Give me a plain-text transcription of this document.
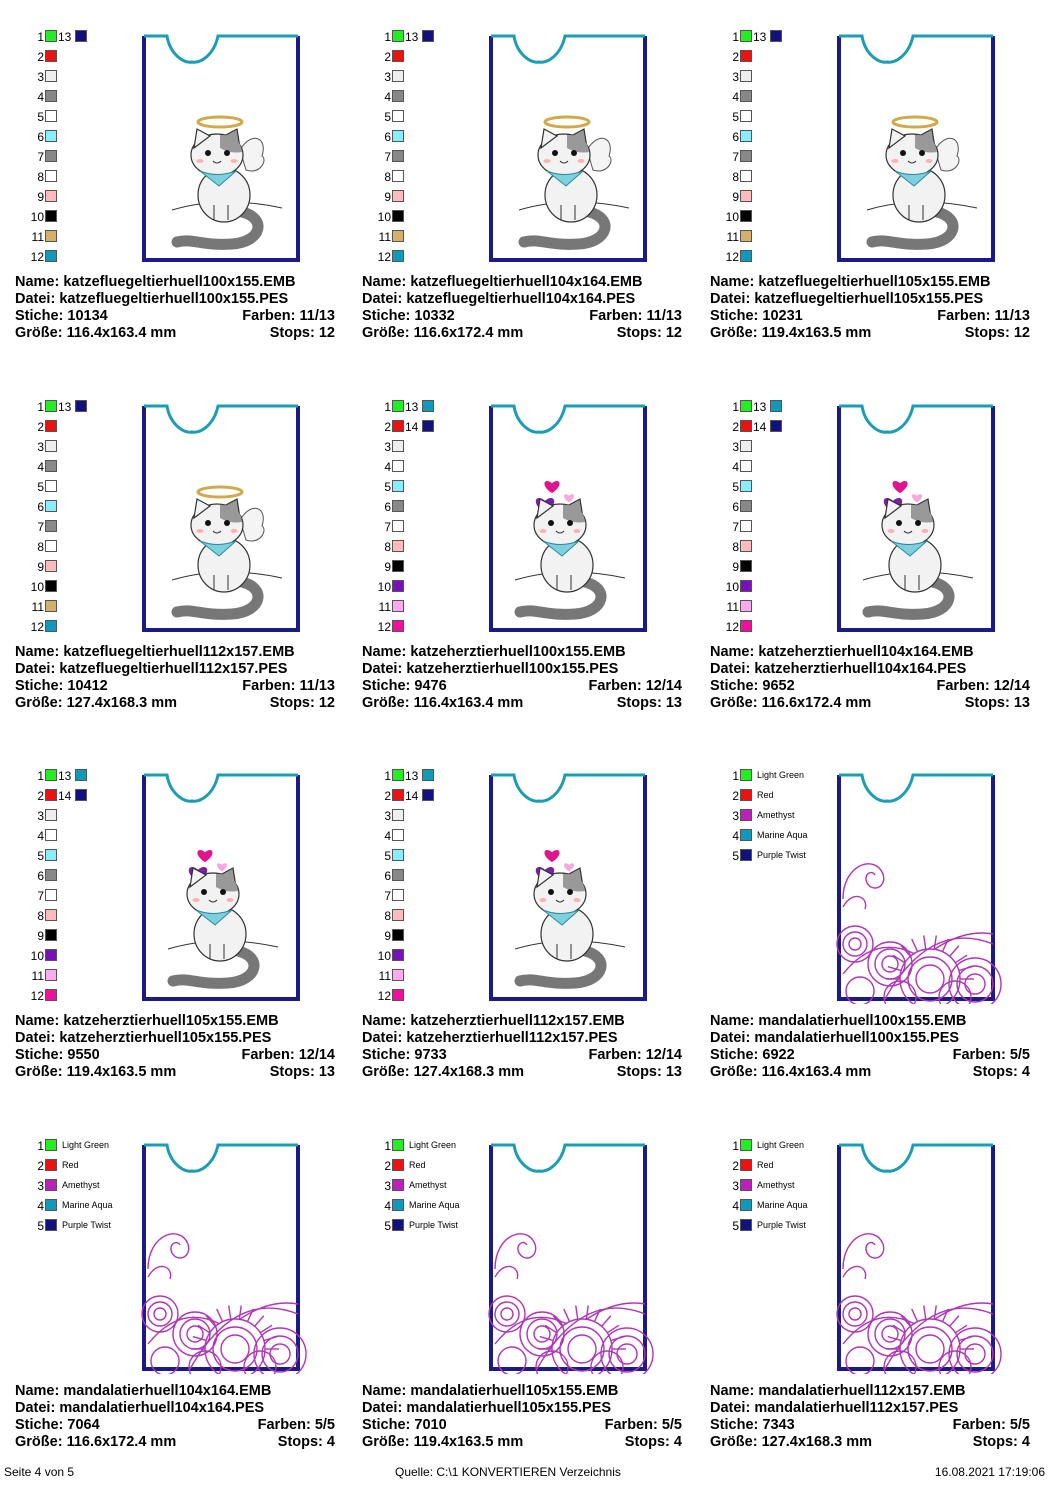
1 13
2
3
4
5
6
7
8
9
10
11
12
Name: katzefluegeltierhuell100x155.EMB
Datei: katzefluegeltierhuell100x155.PES
Stiche: 10134	Farben: 11/13
Größe: 116.4x163.4 mm	Stops: 12
1 13
2
3
4
5
6
7
8
9
10
11
12
Name: katzefluegeltierhuell104x164.EMB
Datei: katzefluegeltierhuell104x164.PES
Stiche: 10332	Farben: 11/13
Größe: 116.6x172.4 mm	Stops: 12
1 13
2
3
4
5
6
7
8
9
10
11
12
Name: katzefluegeltierhuell105x155.EMB
Datei: katzefluegeltierhuell105x155.PES
Stiche: 10231	Farben: 11/13
Größe: 119.4x163.5 mm	Stops: 12
1 13
2
3
4
5
6
7
8
9
10
11
12
Name: katzefluegeltierhuell112x157.EMB
Datei: katzefluegeltierhuell112x157.PES
Stiche: 10412	Farben: 11/13
Größe: 127.4x168.3 mm	Stops: 12
1 13
2 14
3
4
5
6
7
8
9
10
11
12
Name: katzeherztierhuell100x155.EMB
Datei: katzeherztierhuell100x155.PES
Stiche: 9476	Farben: 12/14
Größe: 116.4x163.4 mm	Stops: 13
1 13
2 14
3
4
5
6
7
8
9
10
11
12
Name: katzeherztierhuell104x164.EMB
Datei: katzeherztierhuell104x164.PES
Stiche: 9652	Farben: 12/14
Größe: 116.6x172.4 mm	Stops: 13
1 13
2 14
3
4
5
6
7
8
9
10
11
12
Name: katzeherztierhuell105x155.EMB
Datei: katzeherztierhuell105x155.PES
Stiche: 9550	Farben: 12/14
Größe: 119.4x163.5 mm	Stops: 13
1 13
2 14
3
4
5
6
7
8
9
10
11
12
Name: katzeherztierhuell112x157.EMB
Datei: katzeherztierhuell112x157.PES
Stiche: 9733	Farben: 12/14
Größe: 127.4x168.3 mm	Stops: 13
1 Light Green
2 Red
3 Amethyst
4 Marine Aqua
5 Purple Twist
Name: mandalatierhuell100x155.EMB
Datei: mandalatierhuell100x155.PES
Stiche: 6922	Farben: 5/5
Größe: 116.4x163.4 mm	Stops: 4
1 Light Green
2 Red
3 Amethyst
4 Marine Aqua
5 Purple Twist
Name: mandalatierhuell104x164.EMB
Datei: mandalatierhuell104x164.PES
Stiche: 7064	Farben: 5/5
Größe: 116.6x172.4 mm	Stops: 4
1 Light Green
2 Red
3 Amethyst
4 Marine Aqua
5 Purple Twist
Name: mandalatierhuell105x155.EMB
Datei: mandalatierhuell105x155.PES
Stiche: 7010	Farben: 5/5
Größe: 119.4x163.5 mm	Stops: 4
1 Light Green
2 Red
3 Amethyst
4 Marine Aqua
5 Purple Twist
Name: mandalatierhuell112x157.EMB
Datei: mandalatierhuell112x157.PES
Stiche: 7343	Farben: 5/5
Größe: 127.4x168.3 mm	Stops: 4
Seite 4 von 5	Quelle: C:\1 KONVERTIEREN Verzeichnis	16.08.2021 17:19:06
